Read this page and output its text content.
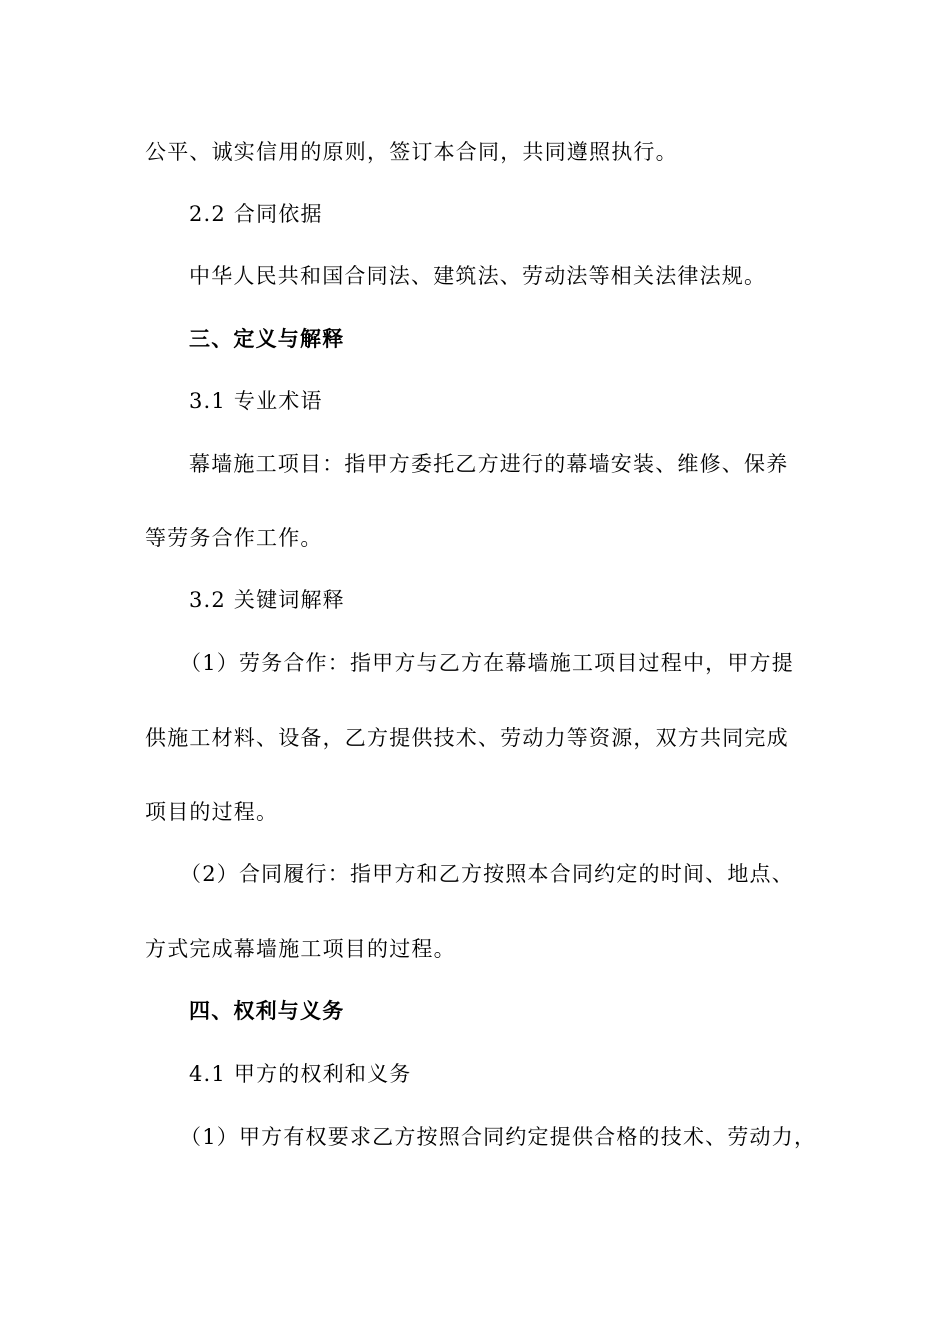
公平、诚实信用的原则，签订本合同，共同遵照执行。
2.2 合同依据
中华人民共和国合同法、建筑法、劳动法等相关法律法规。
三、定义与解释
3.1 专业术语
幕墙施工项目：指甲方委托乙方进行的幕墙安装、维修、保养
等劳务合作工作。
3.2 关键词解释
（1）劳务合作：指甲方与乙方在幕墙施工项目过程中，甲方提
供施工材料、设备，乙方提供技术、劳动力等资源，双方共同完成
项目的过程。
（2）合同履行：指甲方和乙方按照本合同约定的时间、地点、
方式完成幕墙施工项目的过程。
四、权利与义务
4.1 甲方的权利和义务
（1）甲方有权要求乙方按照合同约定提供合格的技术、劳动力，
